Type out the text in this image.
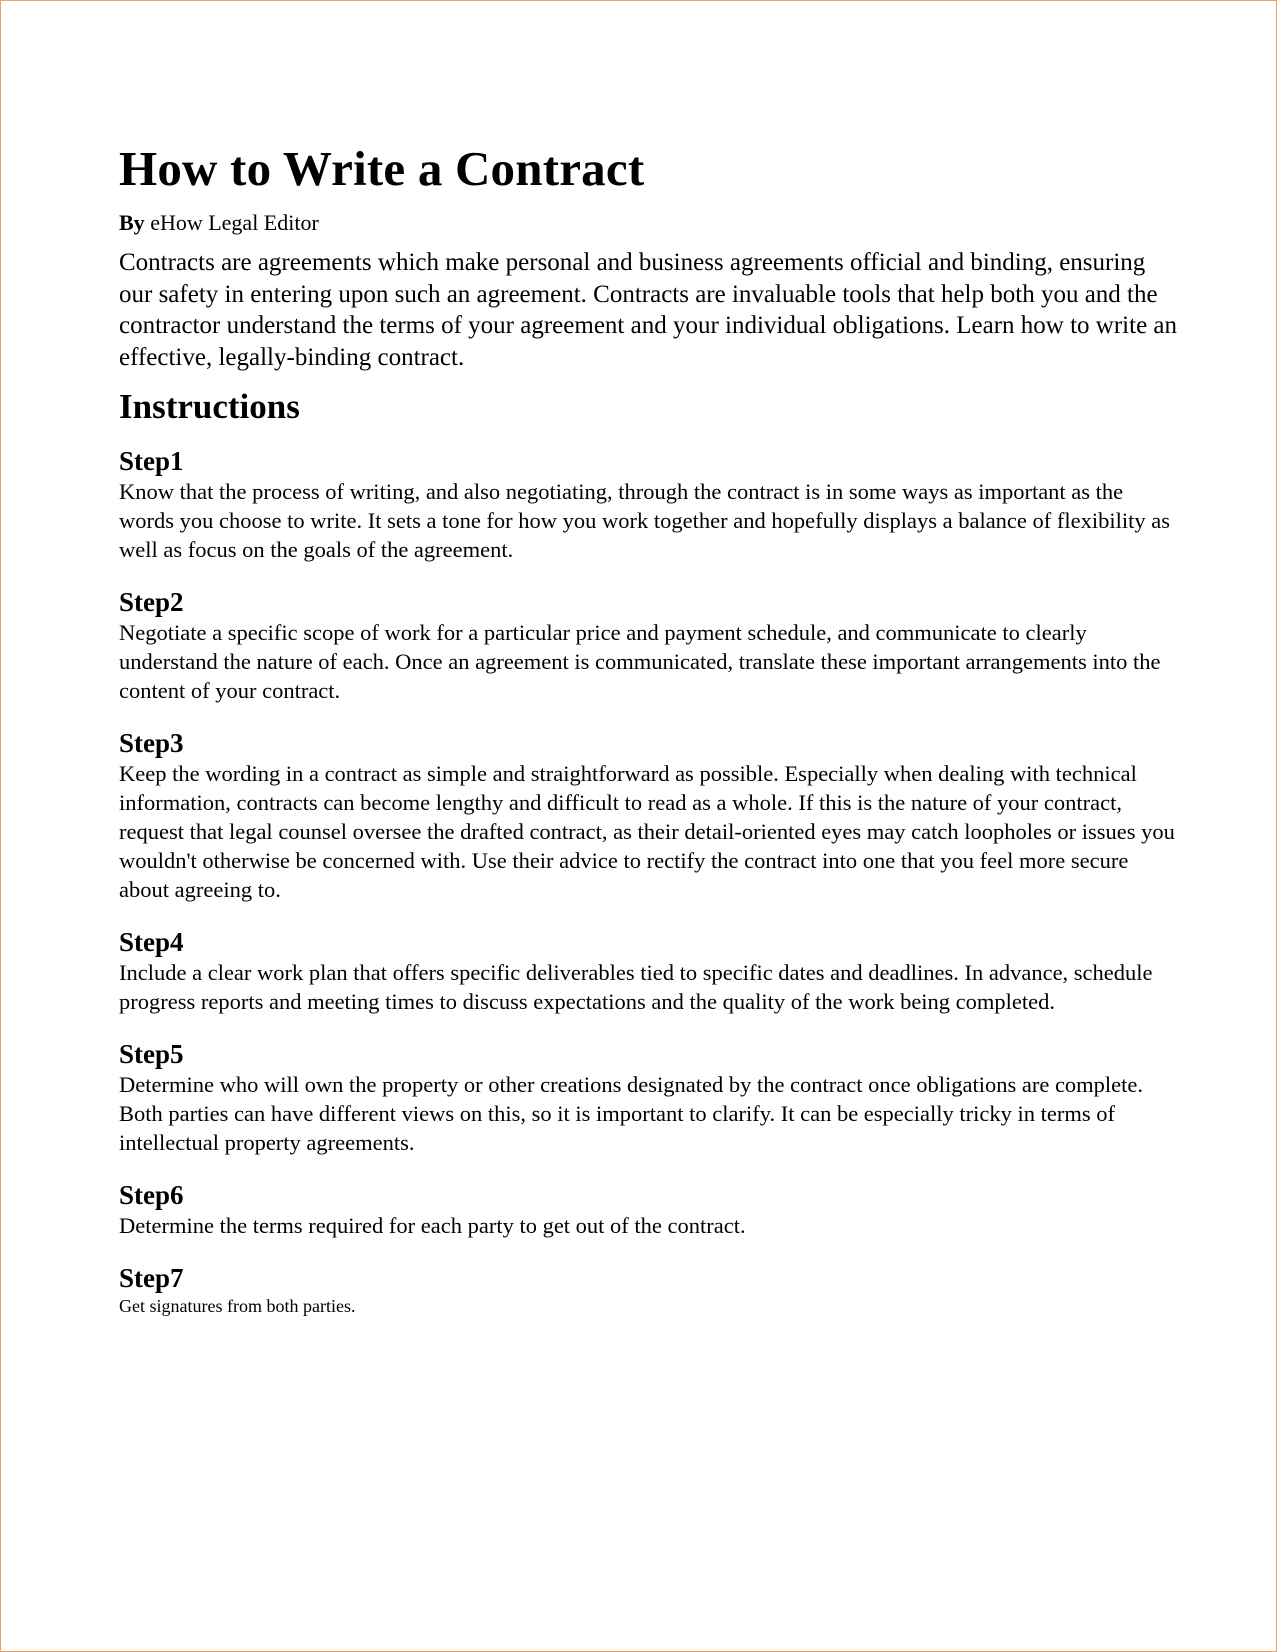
How to Write a Contract
By eHow Legal Editor

Contracts are agreements which make personal and business agreements official and binding, ensuring our safety in entering upon such an agreement. Contracts are invaluable tools that help both you and the contractor understand the terms of your agreement and your individual obligations. Learn how to write an effective, legally-binding contract.

Instructions
Step1

Know that the process of writing, and also negotiating, through the contract is in some ways as important as the words you choose to write. It sets a tone for how you work together and hopefully displays a balance of flexibility as well as focus on the goals of the agreement.

Step2

Negotiate a specific scope of work for a particular price and payment schedule, and communicate to clearly understand the nature of each. Once an agreement is communicated, translate these important arrangements into the content of your contract.

Step3

Keep the wording in a contract as simple and straightforward as possible. Especially when dealing with technical information, contracts can become lengthy and difficult to read as a whole. If this is the nature of your contract, request that legal counsel oversee the drafted contract, as their detail-oriented eyes may catch loopholes or issues you wouldn't otherwise be concerned with. Use their advice to rectify the contract into one that you feel more secure about agreeing to.

Step4

Include a clear work plan that offers specific deliverables tied to specific dates and deadlines. In advance, schedule progress reports and meeting times to discuss expectations and the quality of the work being completed.

Step5

Determine who will own the property or other creations designated by the contract once obligations are complete. Both parties can have different views on this, so it is important to clarify. It can be especially tricky in terms of intellectual property agreements.

Step6

Determine the terms required for each party to get out of the contract.

Step7

Get signatures from both parties.
